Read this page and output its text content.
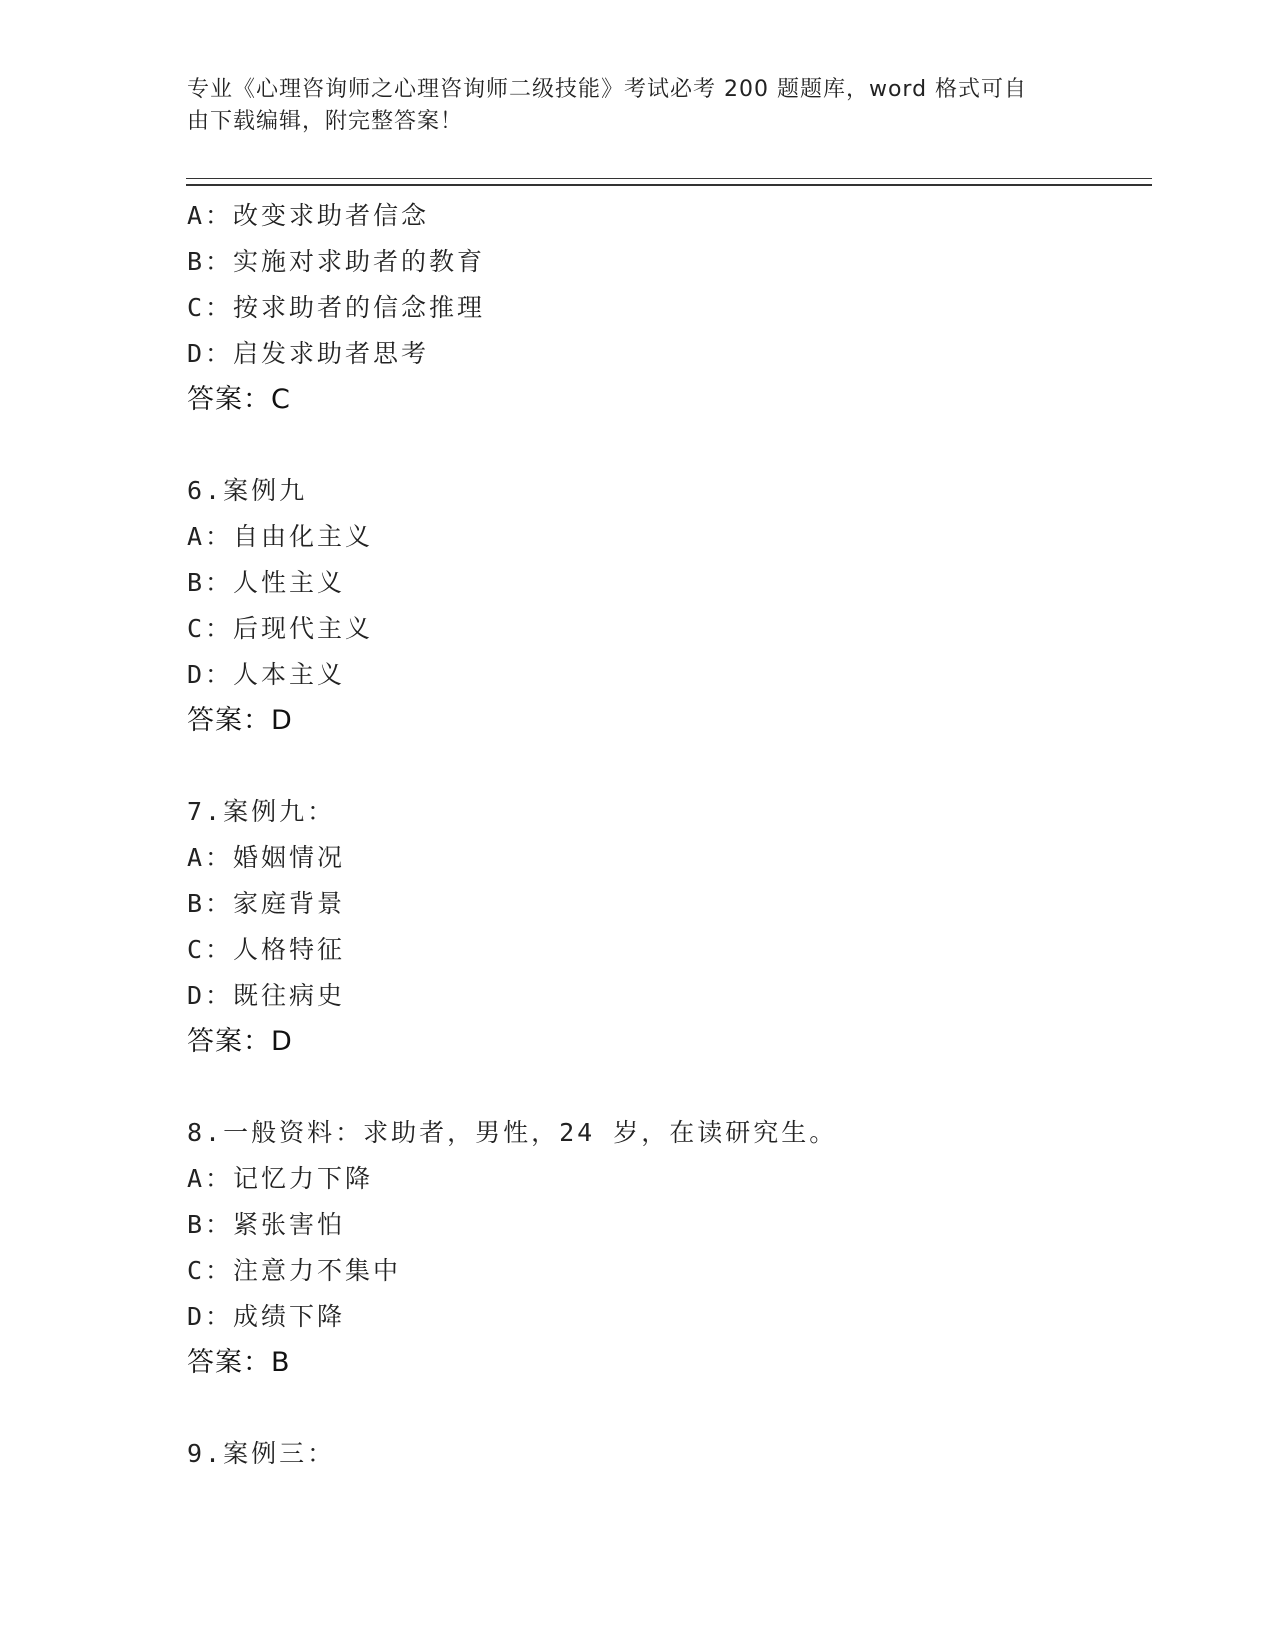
专业《心理咨询师之心理咨询师二级技能》考试必考 200 题题库，word 格式可自
由下载编辑，附完整答案！
A：改变求助者信念
B：实施对求助者的教育
C：按求助者的信念推理
D：启发求助者思考
答案：C
6.案例九
A：自由化主义
B：人性主义
C：后现代主义
D：人本主义
答案：D
7.案例九：
A：婚姻情况
B：家庭背景
C：人格特征
D：既往病史
答案：D
8.一般资料：求助者，男性，24 岁，在读研究生。
A：记忆力下降
B：紧张害怕
C：注意力不集中
D：成绩下降
答案：B
9.案例三：
